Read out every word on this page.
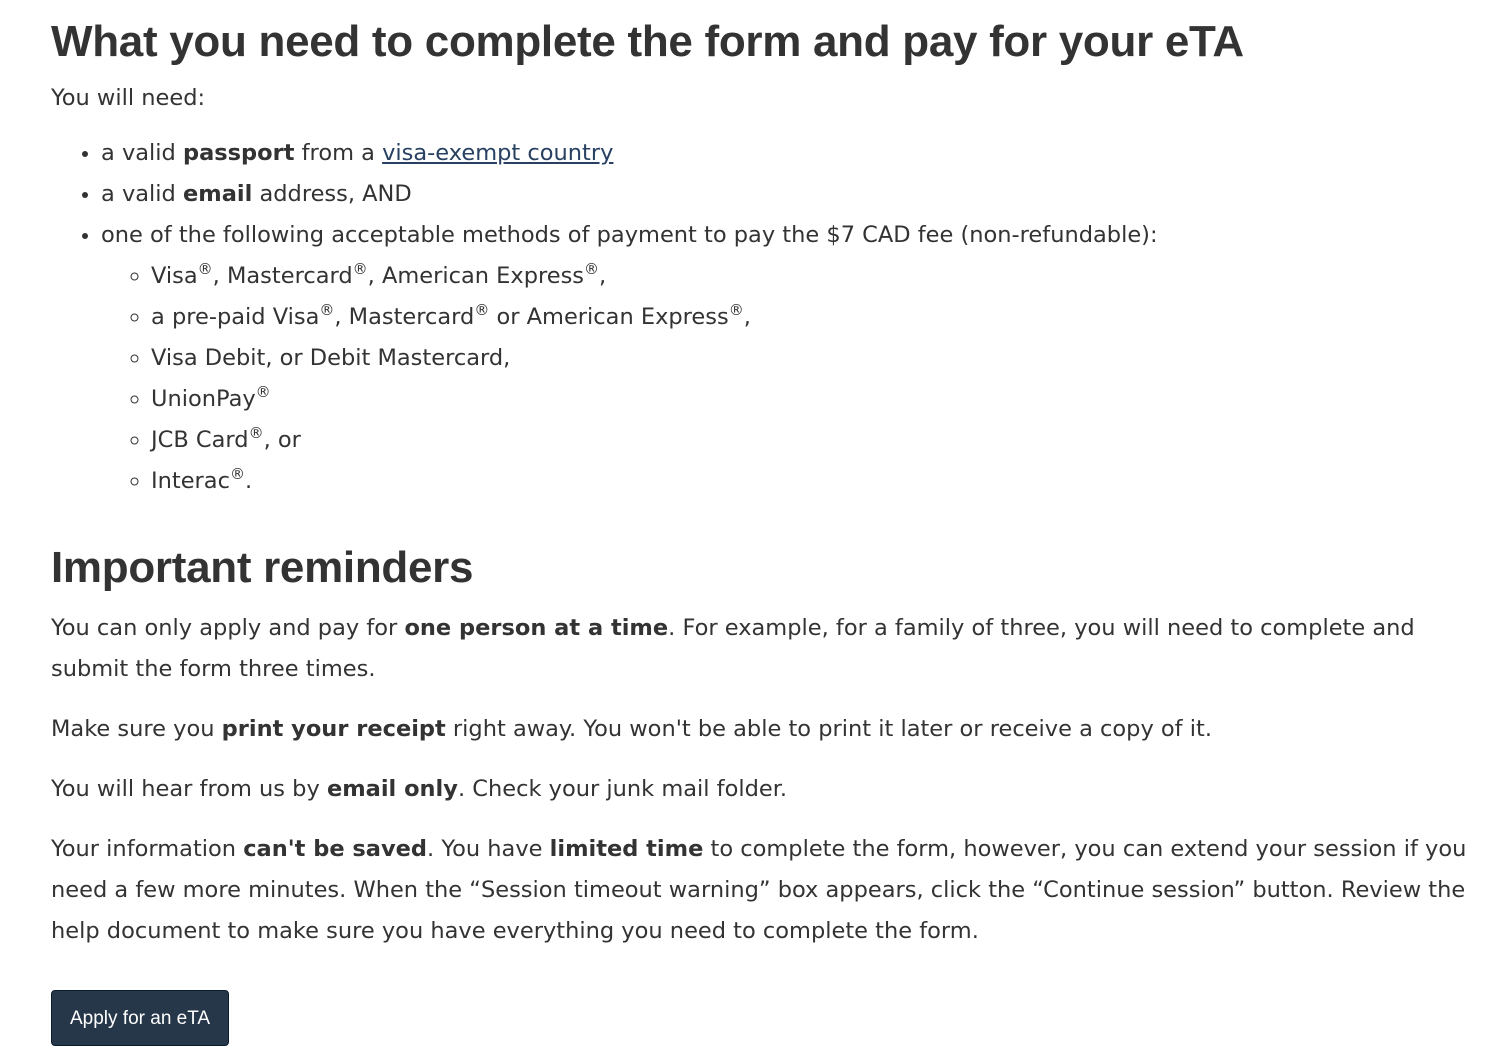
What you need to complete the form and pay for your eTA

You will need:

• a valid passport from a visa-exempt country
• a valid email address, AND
• one of the following acceptable methods of payment to pay the $7 CAD fee (non-refundable):
◦ Visa®, Mastercard®, American Express®,
◦ a pre-paid Visa®, Mastercard® or American Express®,
◦ Visa Debit, or Debit Mastercard,
◦ UnionPay®
◦ JCB Card®, or
◦ Interac®.
Important reminders

You can only apply and pay for one person at a time. For example, for a family of three, you will need to complete and submit the form three times.

Make sure you print your receipt right away. You won't be able to print it later or receive a copy of it.

You will hear from us by email only. Check your junk mail folder.

Your information can't be saved. You have limited time to complete the form, however, you can extend your session if you need a few more minutes. When the “Session timeout warning” box appears, click the “Continue session” button. Review the help document to make sure you have everything you need to complete the form.

Apply for an eTA
